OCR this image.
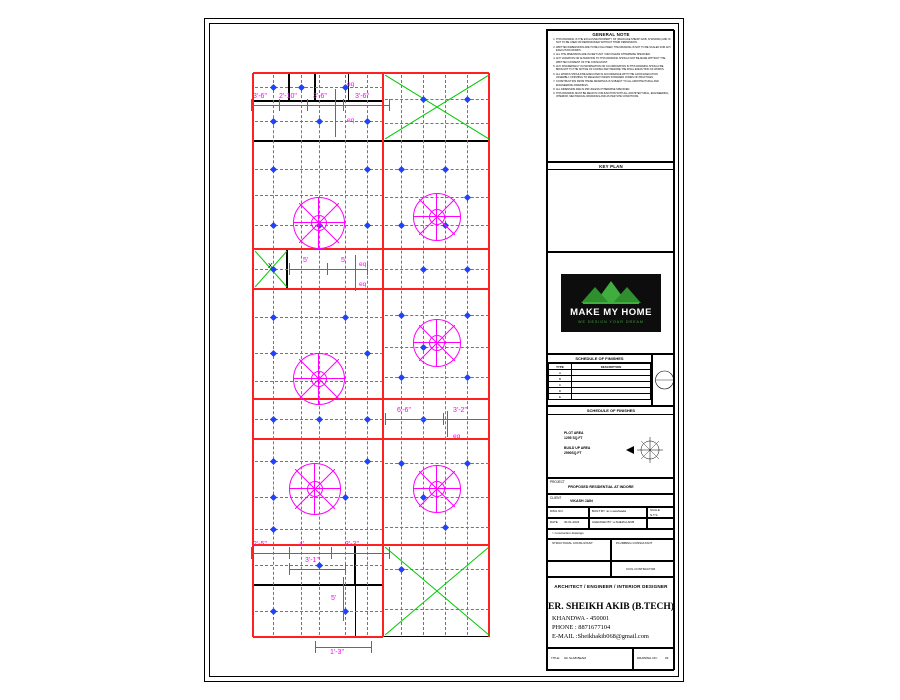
3'-6" 2'-10" 3'-6"	3'-6"
eq
eq
5'	5'
eq
eq
X
6'-6"	3'-2"
eq
2'-5"	4'	3'-3"
3'-1"
5'
1'-3"
GENERAL NOTE
1. THIS DRAWING IS THE EXCLUSIVE PROPERTY OF (MACKAGE SHEIKH AKIB, KHANDWA) AND IS NOT TO BE USED OR REPRODUCED WITHOUT THEIR PERMISSION.
2. WRITTEN DIMENSIONS ARE TO BE FOLLOWED; THE DRAWING IS NOT TO BE SCALED FOR ANY EXECUTION WORKS.
3. ALL THE DIMENSION ARE IN FEET UNIT / MM UNLESS OTHERWISE SPECIFIED.
4. ANY VARIATION OR ALTERATION TO THIS DRAWING SHOULD NOT BE MADE WITHOUT THE WRITTEN CONSENT OF THE CONSULTANT.
5. ANY DISCREPANCY IN INFORMATION OR CO-ORDINATION IN THIS DRAWING SHOULD BE BROUGHT TO THE NOTICE OF CONSULTANT BEFORE THE FINAL EXECUTION OF WORKS.
6. ALL WORKS SHOULD BE EXECUTED IN ACCORDANCE WITH THE GOOD EXECUTION ASSEMBLY, FINISHING TO RELEVANT INDIAN STANDARD CODES OF PRACTICES.
7. CONSTRUCTION FROM THESE DRAWINGS IS SUBJECT TO ALL ARCHITECTURAL AND ENGINEERING DRAWINGS.
8. ALL DIMENSION ARE IN MM UNLESS OTHERWISE SPECIFIED.
9. THIS DRAWING MUST BE READ IN CONJUNCTION WITH ALL ARCHITECTURAL, ENGINEERING, INTERIOR, MECHANICAL DRAWINGS AND AS PER SITE CONDITIONS.
KEY PLAN
MAKE MY HOME
WE DESIGN YOUR DREAM
SCHEDULE OF FINISHES
TYPE	DESCRIPTION
A	
B	
C	
D	
E	
SCHEDULE OF FINISHES
PLOT AREA
1295 SQ.FT

BUILD UP AREA
2990SQ.FT
PROJECT
PROPOSED RESIDENTIAL AT INDORE
CLIENT
VIKASH JAIN
DWG NO.	BUILT BY :ar.n.swahsada	SCALE
N.T.S.
DATE 30-01-2023	CHECKED BY :a.SHEIKH AKIB
> construction drawings
STRUCTURAL CONSULTANT	PLUMBING CONSULTANT
CIVIL CONTRACTOR
ARCHITECT / ENGINEER / INTERIOR DESIGNER
ER. SHEIKH AKIB (B.TECH)
KHANDWA - 450001
PHONE : 8871677104
E-MAIL :Sheikhakib068@gmail.com
TITLE: GF SLAB BEAM	DRAWING NO: 03
